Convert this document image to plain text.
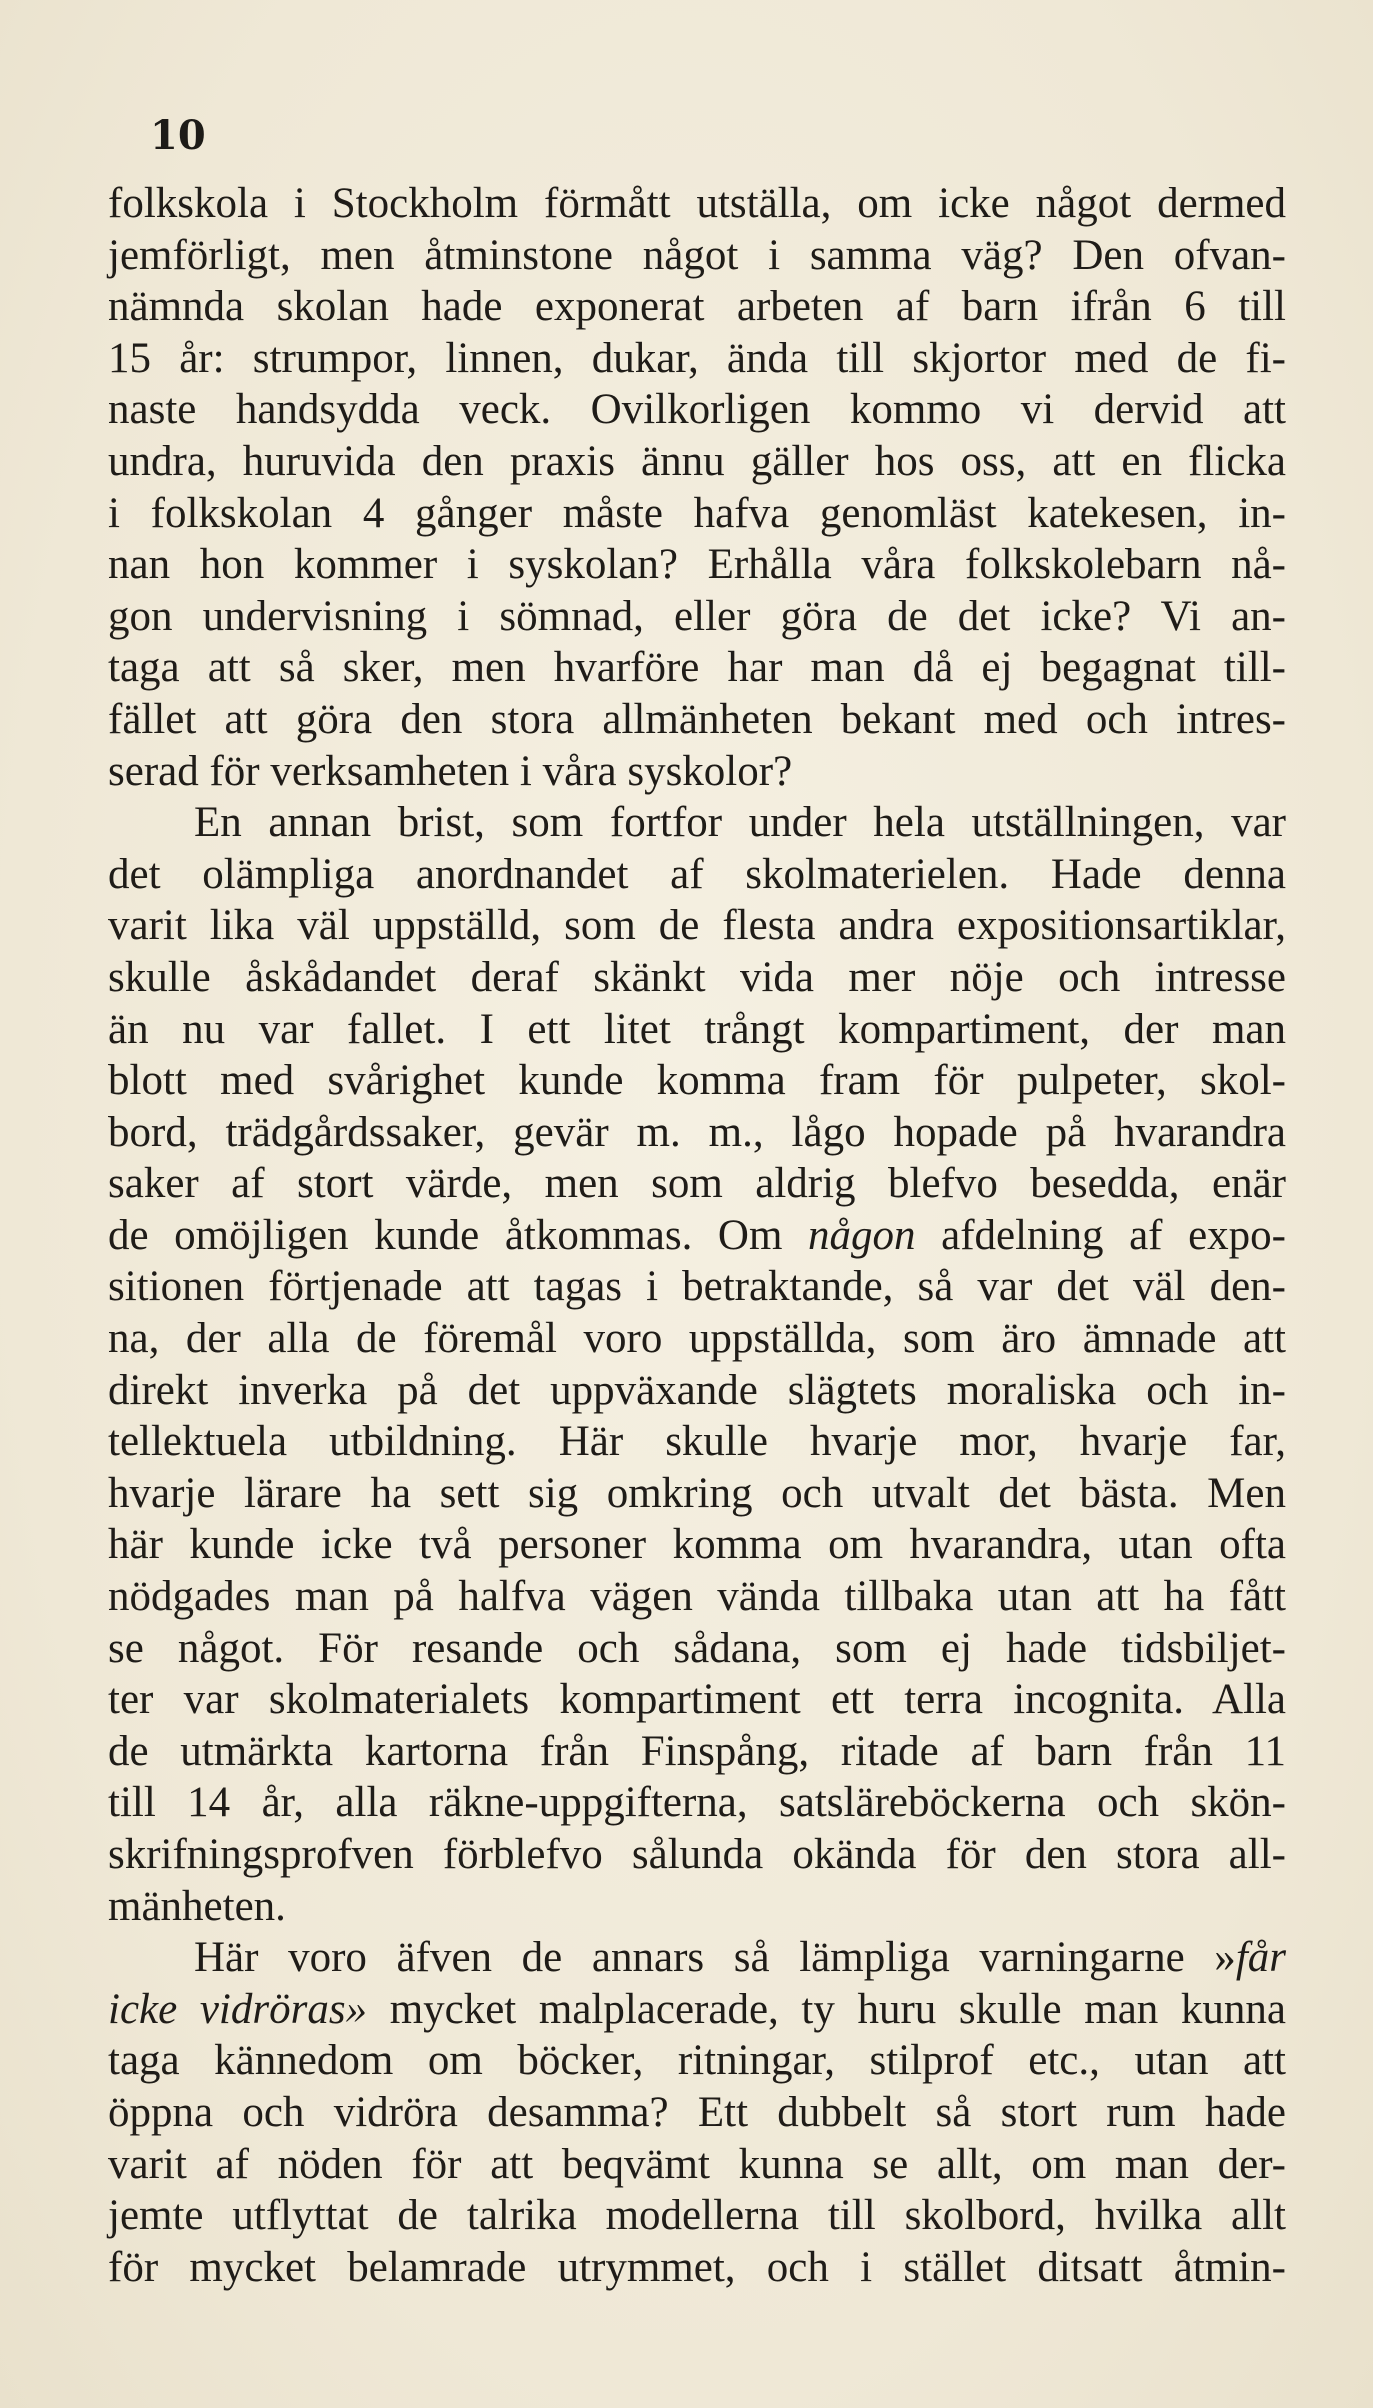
10
folkskola i Stockholm förmått utställa, om icke något dermed
jemförligt, men åtminstone något i samma väg? Den ofvan-
nämnda skolan hade exponerat arbeten af barn ifrån 6 till
15 år: strumpor, linnen, dukar, ända till skjortor med de fi-
naste handsydda veck. Ovilkorligen kommo vi dervid att
undra, huruvida den praxis ännu gäller hos oss, att en flicka
i folkskolan 4 gånger måste hafva genomläst katekesen, in-
nan hon kommer i syskolan? Erhålla våra folkskolebarn nå-
gon undervisning i sömnad, eller göra de det icke? Vi an-
taga att så sker, men hvarföre har man då ej begagnat till-
fället att göra den stora allmänheten bekant med och intres-
serad för verksamheten i våra syskolor?
En annan brist, som fortfor under hela utställningen, var
det olämpliga anordnandet af skolmaterielen. Hade denna
varit lika väl uppställd, som de flesta andra expositionsartiklar,
skulle åskådandet deraf skänkt vida mer nöje och intresse
än nu var fallet. I ett litet trångt kompartiment, der man
blott med svårighet kunde komma fram för pulpeter, skol-
bord, trädgårdssaker, gevär m. m., lågo hopade på hvarandra
saker af stort värde, men som aldrig blefvo besedda, enär
de omöjligen kunde åtkommas. Om någon afdelning af expo-
sitionen förtjenade att tagas i betraktande, så var det väl den-
na, der alla de föremål voro uppställda, som äro ämnade att
direkt inverka på det uppväxande slägtets moraliska och in-
tellektuela utbildning. Här skulle hvarje mor, hvarje far,
hvarje lärare ha sett sig omkring och utvalt det bästa. Men
här kunde icke två personer komma om hvarandra, utan ofta
nödgades man på halfva vägen vända tillbaka utan att ha fått
se något. För resande och sådana, som ej hade tidsbiljet-
ter var skolmaterialets kompartiment ett terra incognita. Alla
de utmärkta kartorna från Finspång, ritade af barn från 11
till 14 år, alla räkne-uppgifterna, satsläreböckerna och skön-
skrifningsprofven förblefvo sålunda okända för den stora all-
mänheten.
Här voro äfven de annars så lämpliga varningarne »får
icke vidröras» mycket malplacerade, ty huru skulle man kunna
taga kännedom om böcker, ritningar, stilprof etc., utan att
öppna och vidröra desamma? Ett dubbelt så stort rum hade
varit af nöden för att beqvämt kunna se allt, om man der-
jemte utflyttat de talrika modellerna till skolbord, hvilka allt
för mycket belamrade utrymmet, och i stället ditsatt åtmin-
